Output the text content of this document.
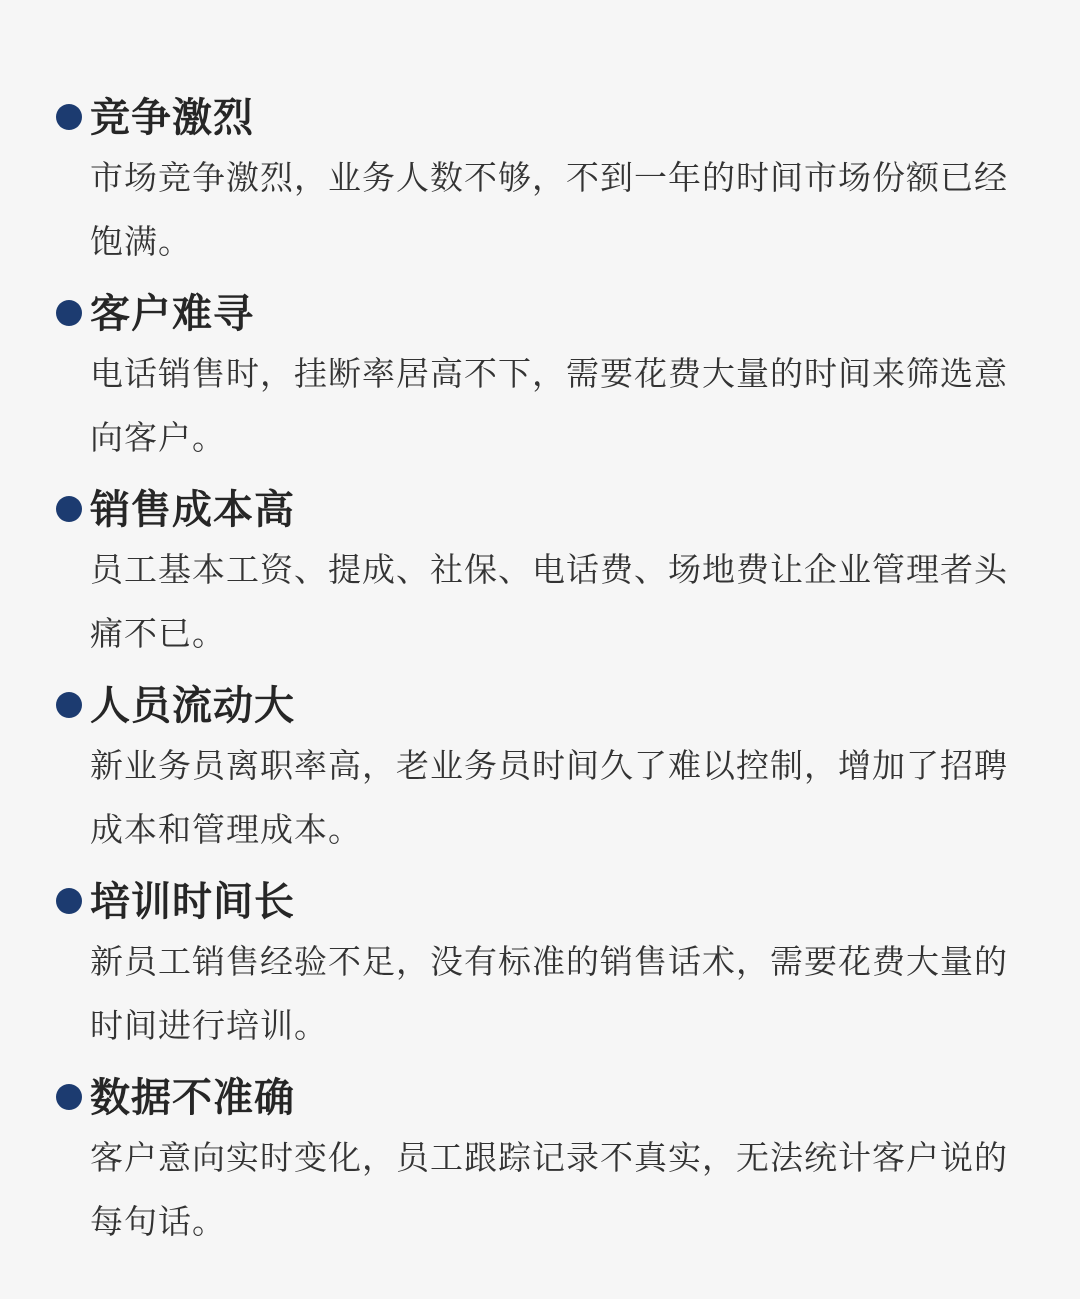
竞争激烈

市场竞争激烈，业务人数不够，不到一年的时间市场份额已经饱满。

客户难寻

电话销售时，挂断率居高不下，需要花费大量的时间来筛选意向客户。

销售成本高

员工基本工资、提成、社保、电话费、场地费让企业管理者头痛不已。

人员流动大

新业务员离职率高，老业务员时间久了难以控制，增加了招聘成本和管理成本。

培训时间长

新员工销售经验不足，没有标准的销售话术，需要花费大量的时间进行培训。

数据不准确

客户意向实时变化，员工跟踪记录不真实，无法统计客户说的每句话。
